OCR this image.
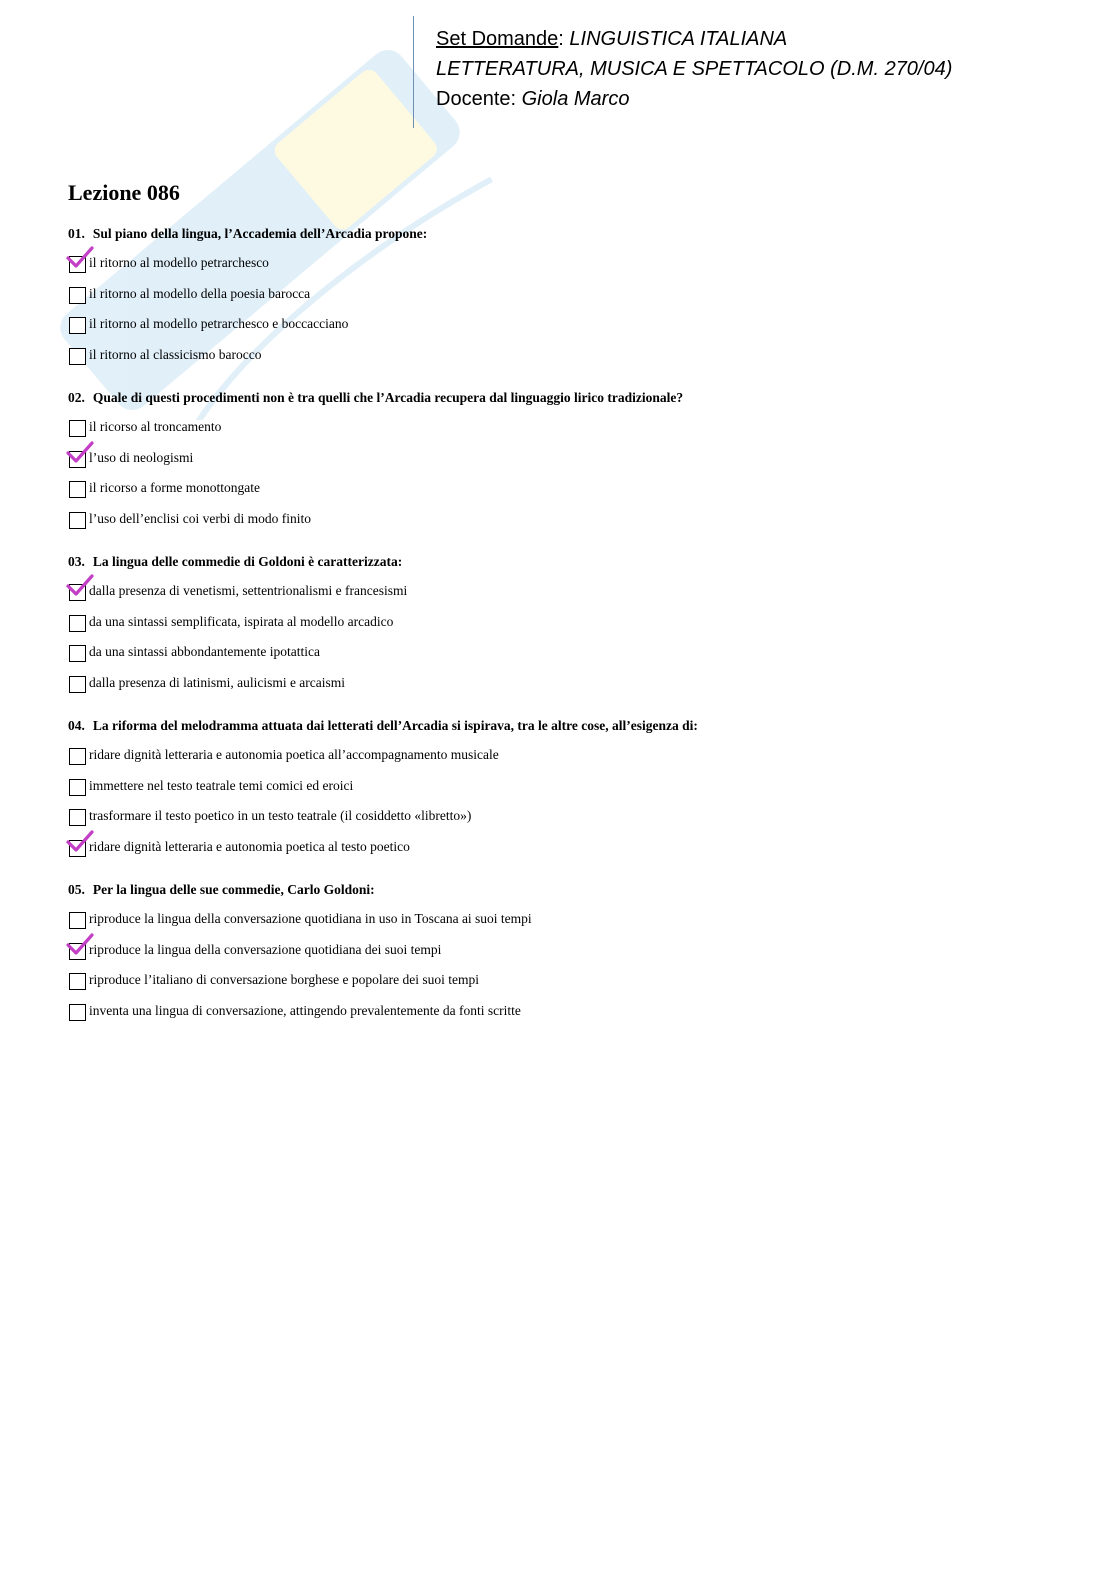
Set Domande: LINGUISTICA ITALIANA
LETTERATURA, MUSICA E SPETTACOLO (D.M. 270/04)
Docente: Giola Marco
Lezione 086
01. Sul piano della lingua, l’Accademia dell’Arcadia propone:
il ritorno al modello petrarchesco
il ritorno al modello della poesia barocca
il ritorno al modello petrarchesco e boccacciano
il ritorno al classicismo barocco
02. Quale di questi procedimenti non è tra quelli che l’Arcadia recupera dal linguaggio lirico tradizionale?
il ricorso al troncamento
l’uso di neologismi
il ricorso a forme monottongate
l’uso dell’enclisi coi verbi di modo finito
03. La lingua delle commedie di Goldoni è caratterizzata:
dalla presenza di venetismi, settentrionalismi e francesismi
da una sintassi semplificata, ispirata al modello arcadico
da una sintassi abbondantemente ipotattica
dalla presenza di latinismi, aulicismi e arcaismi
04. La riforma del melodramma attuata dai letterati dell’Arcadia si ispirava, tra le altre cose, all’esigenza di:
ridare dignità letteraria e autonomia poetica all’accompagnamento musicale
immettere nel testo teatrale temi comici ed eroici
trasformare il testo poetico in un testo teatrale (il cosiddetto «libretto»)
ridare dignità letteraria e autonomia poetica al testo poetico
05. Per la lingua delle sue commedie, Carlo Goldoni:
riproduce la lingua della conversazione quotidiana in uso in Toscana ai suoi tempi
riproduce la lingua della conversazione quotidiana dei suoi tempi
riproduce l’italiano di conversazione borghese e popolare dei suoi tempi
inventa una lingua di conversazione, attingendo prevalentemente da fonti scritte
